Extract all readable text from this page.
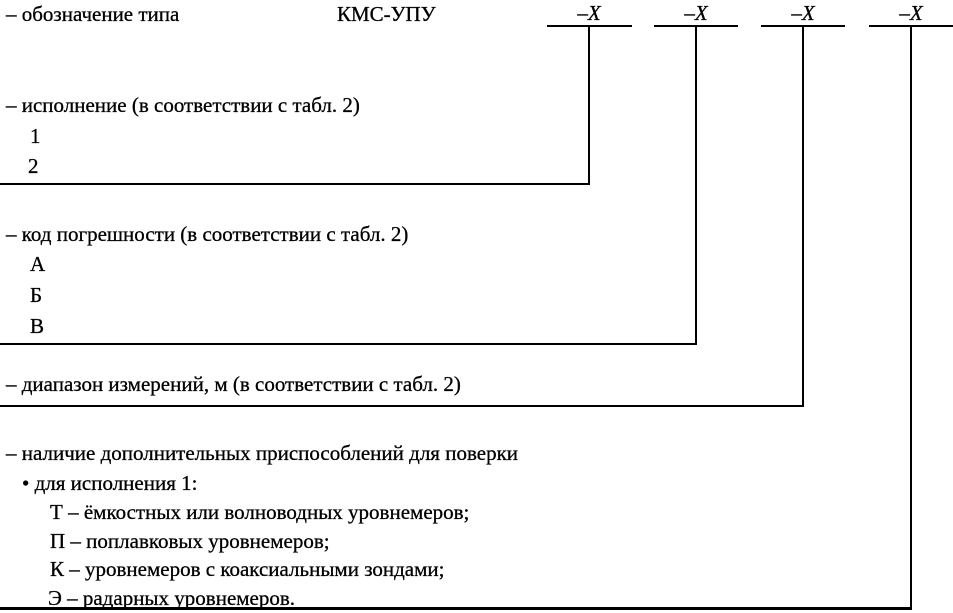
– обозначение типа	КМС-УПУ	–Х	–Х	–Х	–Х
– исполнение (в соответствии с табл. 2)
1
2
– код погрешности (в соответствии с табл. 2)
А
Б
В
– диапазон измерений, м (в соответствии с табл. 2)
– наличие дополнительных приспособлений для поверки
• для исполнения 1:
Т – ёмкостных или волноводных уровнемеров;
П – поплавковых уровнемеров;
К – уровнемеров с коаксиальными зондами;
Э – радарных уровнемеров.
